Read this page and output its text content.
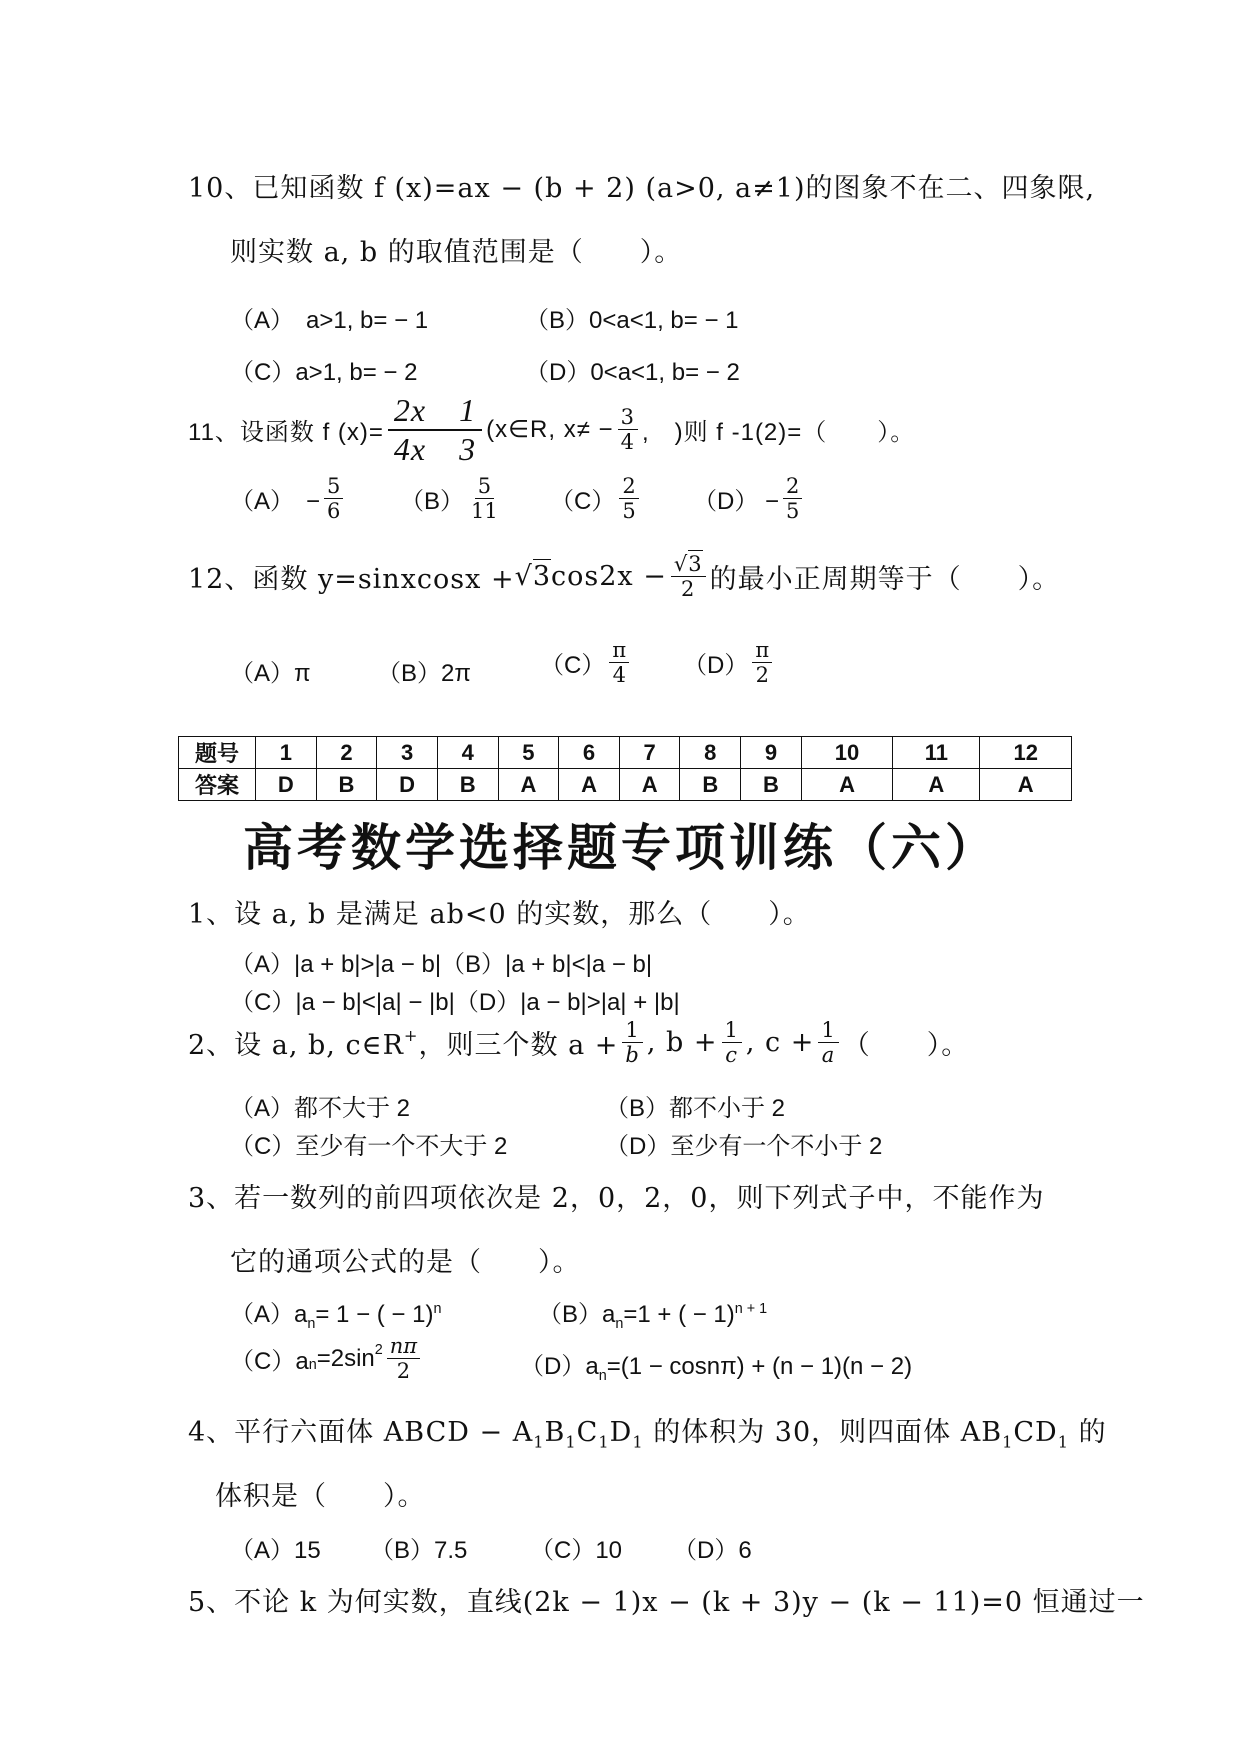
10、已知函数 f (x)=ax − (b + 2) (a>0, a≠1)的图象不在二、四象限,
则实数 a, b 的取值范围是（　　）。
（A）　a>1, b= − 1	（B）0<a<1, b= − 1
（C）a>1, b= − 2	（D）0<a<1, b= − 2
11、设函数 f $(x)= \frac{2x 1}{4x 3}$ (x∈R, $x\ne - \frac{3}{4}$ ,　)则 f -1(2)=（　　）。
（A）　− $\frac{5}{6} (B) \frac{5}{11} (C) \frac{2}{5} (D) - \frac{2}{5}$
12、函数 y=sinxcosx + √3 $\cos 2x - \frac{√3}{2}$ 的最小正周期等于（　　）。
（A）π	（B）2π	$(C) \frac{\pi}{4} (D) \frac{\pi}{2}$
题号	1	2	3	4	5	6	7	8	9	10	11	12
答案	D	B	D	B	A	A	A	B	B	A	A	A
高考数学选择题专项训练（六）
1、设 a, b 是满足 ab<0 的实数，那么（　　）。
（A）|a + b|>|a − b|（B）|a + b|<|a − b|
（C）|a − b|<|a| − |b|（D）|a − b|>|a| + |b|
2、设 a, b, c∈R+ ，则三个数 $a + \frac{1}{b}$ , $b + \frac{1}{c}$ , $c + \frac{1}{a}$ （　　）。
（A）都不大于 2	（B）都不小于 2
（C）至少有一个不大于 2	（D）至少有一个不小于 2
3、若一数列的前四项依次是 2，0，2，0，则下列式子中，不能作为
它的通项公式的是（　　）。
$(A)a_n= 1$ − ( − 1)$^n$	$(B)a_n=1$ + ( − 1)$^{n + 1}$
$(C)a_n =2\sin^2 \frac{n\pi}{2}$	$(D)a_n=(1 - \cos n\pi) + (n - 1)(n - 2)$
4、平行六面体 ABCD − $A_1B_1C_1D_1$ 的体积为 30，则四面体 $AB_1CD_1$ 的
体积是（　　）。
（A）15 （B）7.5	（C）10 （D）6
5、不论 k 为何实数，直线(2k − 1)x − (k + 3)y − (k − 11)=0 恒通过一
